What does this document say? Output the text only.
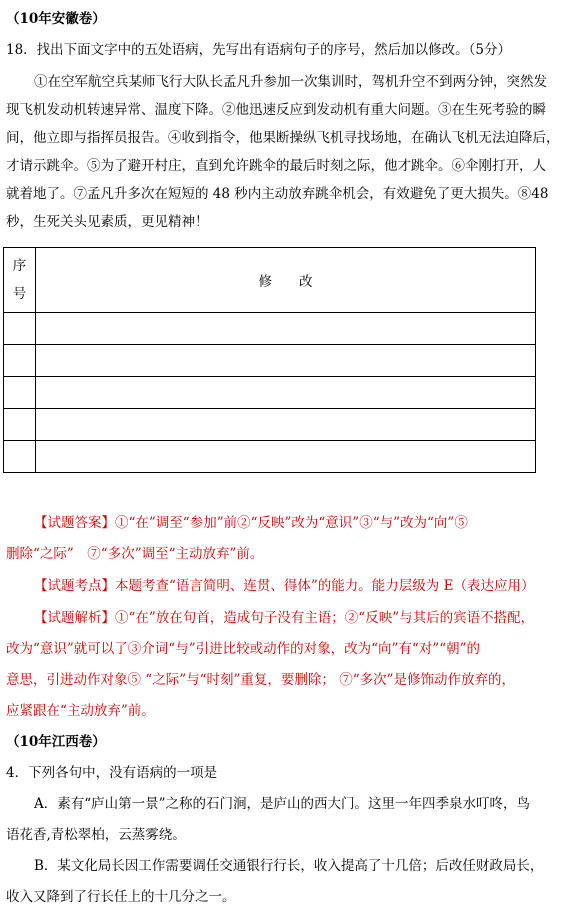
（10年安徽卷）
18．找出下面文字中的五处语病，先写出有语病句子的序号，然后加以修改。（5分）
①在空军航空兵某师飞行大队长孟凡升参加一次集训时，驾机升空不到两分钟，突然发
现飞机发动机转速异常、温度下降。②他迅速反应到发动机有重大问题。③在生死考验的瞬
间，他立即与指挥员报告。④收到指令，他果断操纵飞机寻找场地，在确认飞机无法迫降后，
才请示跳伞。⑤为了避开村庄，直到允许跳伞的最后时刻之际，他才跳伞。⑥伞刚打开，人
就着地了。⑦孟凡升多次在短短的 48 秒内主动放弃跳伞机会，有效避免了更大损失。⑧48
秒，生死关头见素质，更见精神！
序
号	修　　改

【试题答案】①“在”调至“参加”前②“反映”改为“意识”③“与”改为“向”⑤
删除“之际”　⑦“多次”调至“主动放弃”前。
【试题考点】本题考查“语言简明、连贯、得体”的能力。能力层级为 E（表达应用）
【试题解析】①“在”放在句首，造成句子没有主语；②“反映”与其后的宾语不搭配，
改为“意识”就可以了③介词“与”引进比较或动作的对象，改为“向”有“对”“朝”的
意思，引进动作对象⑤ “之际”与“时刻”重复，要删除； ⑦“多次”是修饰动作放弃的，
应紧跟在“主动放弃”前。
（10年江西卷）
4．下列各句中，没有语病的一项是
A．素有“庐山第一景”之称的石门涧，是庐山的西大门。这里一年四季泉水叮咚，鸟
语花香,青松翠柏，云蒸雾绕。
B．某文化局长因工作需要调任交通银行行长，收入提高了十几倍；后改任财政局长，
收入又降到了行长任上的十几分之一。
